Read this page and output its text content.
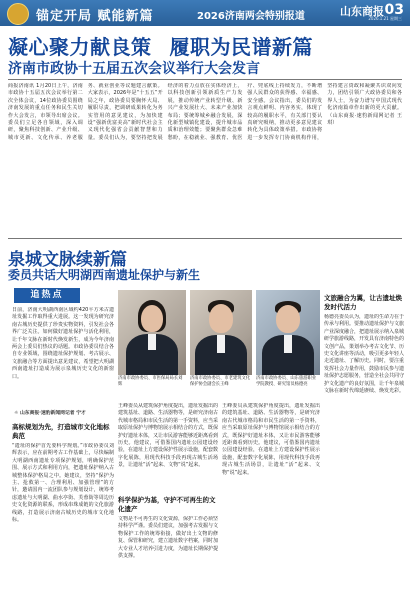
锚定开局 赋能新篇	2026济南两会特别报道	山东商报 03
2026.1.21 星期三
凝心聚力献良策 履职为民谱新篇
济南市政协十五届五次会议举行大会发言
商报济南讯 1月20日上午，济南市政协十五届五次会议举行第二次全体会议，14位政协委员围绕济南发展的重点任务和民生关切作大会发言，市领导出席会议。委员们立足各自领域，深入调研，聚焦科技创新、产业升级、城市更新、文化传承、养老服务、就业创业等议题建言献策。大家表示，2026年是“十五五”开局之年，政协委员要胸怀大局、履职尽责，把调研成果转化为务实管用的意见建议，为加快建设“强新优富美高”新时代社会主义现代化强省会贡献智慧和力量。委员们认为，要坚持把发展经济的着力点放在实体经济上，以科技创新引领新质生产力发展，推动传统产业转型升级、新兴产业发展壮大、未来产业加快布局；要统筹城乡融合发展，深化新型城镇化建设，提升城市品质和治理效能；要聚焦群众急难愁盼，在稳就业、强教育、优医疗、兜底线上持续发力，不断增强人民群众的获得感、幸福感、安全感。会议指出，委员们的发言观点鲜明、内容务实，体现了较高的履职水平，有关部门要认真研究吸纳，推动更多意见建议转化为具体政策举措。市政协将进一步发挥专门协商机构作用，坚持建言资政和凝聚共识双向发力，团结引领广大政协委员和各界人士，为奋力谱写中国式现代化济南篇章作出新的更大贡献。 （山东商报·速豹新闻网记者 王琪）
泉城文脉续新篇
委员共话大明湖西南遗址保护与新生
追热点
日前，济南大明湖西南区域约420平方米古遗址发掘工作取得重大进展。这一发现为研究济南古城历史提供了珍贵实物资料，引发社会各界广泛关注。如何做好遗址保护与活化利用，让千年文脉在新时代焕发新生，成为今年济南两会上委员们热议的话题。市政协委员结合各自专业领域，围绕遗址保护规划、考古展示、文旅融合等方面提出意见建议，希望把大明湖西南遗址打造成为展示泉城历史文化的新窗口。	济南市政协委员、市医保局局长刘辉
济南市政协委员、市老建筑文化保护协会副会长王峰
济南市政协委员、山东旅游职业学院教授、研究馆员杨德亮
☼ 山东商报·速豹新闻网记者 宁才
高标规划为先，打造城市文化地标典范
“遗址的保护首先要科学规划。”市政协委员刘辉表示，应在前期考古工作基础上，尽快编制大明湖西南遗址专项保护规划，明确保护范围、展示方式和利用方向，把遗址保护纳入古城整体保护格局之中。她建议，坚持“保护为主、抢救第一、合理利用、加强管理”的方针，邀请国内一流团队参与规划设计，统筹考虑遗址与大明湖、曲水亭街、芙蓉街等周边历史文化资源的联系，形成串珠成链的文化旅游线路，打造展示济南古城历史的城市文化地标。
王峰委员从建筑保护角度提出，遗址发掘出的建筑基址、道路、生活器物等，是研究济南古代城市格局和市民生活的第一手资料，应当采取原址保护与博物馆展示相结合的方式，既保护好遗址本体，又让市民游客能够近距离看到历史。他建议，可借鉴国内遗址公园建设经验，在遗址上方建设保护性展示设施，配套数字化展陈，用现代科技手段再现古城生活场景，让遗址“活”起来、文物“说”起来。
科学保护为基，守护不可再生的文化遗产
文物是不可再生的文化资源，保护工作必须坚持科学严谨。委员们建议，加强考古发掘与文物保护工作的统筹衔接，做好出土文物的修复、保管和研究，建立遗址数字档案，同时加大专业人才培养引进力度，为遗址长期保护提供支撑。
王峰委员从建筑保护角度提出，遗址发掘出的建筑基址、道路、生活器物等，是研究济南古代城市格局和市民生活的第一手资料，应当采取原址保护与博物馆展示相结合的方式，既保护好遗址本体，又让市民游客能够近距离看到历史。他建议，可借鉴国内遗址公园建设经验，在遗址上方建设保护性展示设施，配套数字化展陈，用现代科技手段再现古城生活场景，让遗址“活”起来、文物“说”起来。
文旅融合为翼，让古遗址焕发时代活力
杨德亮委员认为，遗址的生命力在于传承与利用。要推动遗址保护与文旅产业深度融合，把遗址展示纳入泉城研学旅游线路，开发具有济南特色的文创产品，策划举办考古文化节、历史文化讲座等活动，吸引更多年轻人走近遗址、了解历史。同时，要注重发挥社会力量作用，鼓励市民参与遗址保护志愿服务，营造全社会共同守护文化遗产的良好氛围，让千年泉城文脉在新时代绵延赓续、焕发光彩。
